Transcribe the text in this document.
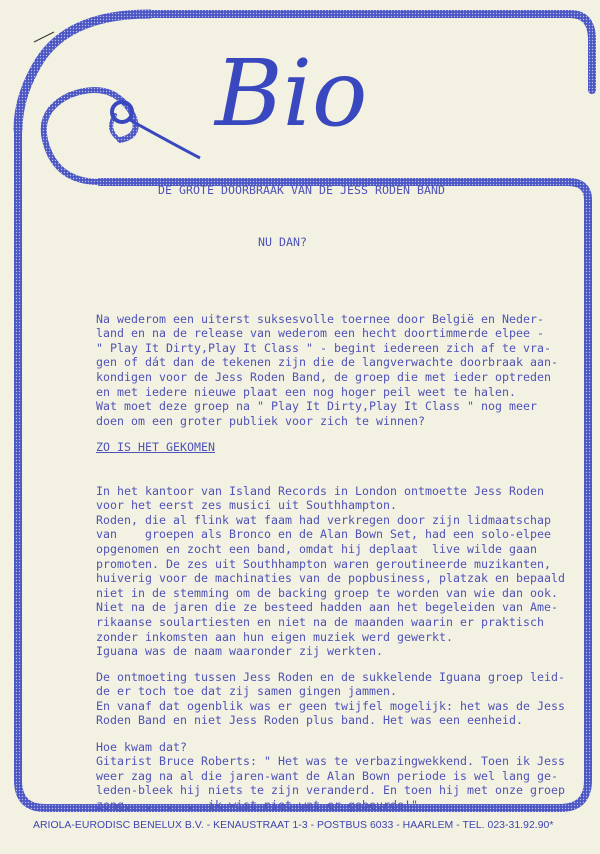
Bio
DE GROTE DOORBRAAK VAN DE JESS RODEN BAND
NU DAN?

Na wederom een uiterst suksesvolle toernee door België en Neder-
land en na de release van wederom een hecht doortimmerde elpee -
" Play It Dirty,Play It Class " - begint iedereen zich af te vra-
gen of dát dan de tekenen zijn die de langverwachte doorbraak aan-
kondigen voor de Jess Roden Band, de groep die met ieder optreden
en met iedere nieuwe plaat een nog hoger peil weet te halen.
Wat moet deze groep na " Play It Dirty,Play It Class " nog meer
doen om een groter publiek voor zich te winnen?

ZO IS HET GEKOMEN

In het kantoor van Island Records in London ontmoette Jess Roden
voor het eerst zes musici uit Southhampton.
Roden, die al flink wat faam had verkregen door zijn lidmaatschap
van    groepen als Bronco en de Alan Bown Set, had een solo-elpee
opgenomen en zocht een band, omdat hij deplaat  live wilde gaan
promoten. De zes uit Southhampton waren geroutineerde muzikanten,
huiverig voor de machinaties van de popbusiness, platzak en bepaald
niet in de stemming om de backing groep te worden van wie dan ook.
Niet na de jaren die ze besteed hadden aan het begeleiden van Ame-
rikaanse soulartiesten en niet na de maanden waarin er praktisch
zonder inkomsten aan hun eigen muziek werd gewerkt.
Iguana was de naam waaronder zij werkten.

De ontmoeting tussen Jess Roden en de sukkelende Iguana groep leid-
de er toch toe dat zij samen gingen jammen.
En vanaf dat ogenblik was er geen twijfel mogelijk: het was de Jess
Roden Band en niet Jess Roden plus band. Het was een eenheid.

Hoe kwam dat?
Gitarist Bruce Roberts: " Het was te verbazingwekkend. Toen ik Jess
weer zag na al die jaren-want de Alan Bown periode is wel lang ge-
leden-bleek hij niets te zijn veranderd. En toen hij met onze groep
zong............ik wist niet wat er gebeurde!"

ARIOLA-EURODISC BENELUX B.V. - KENAUSTRAAT 1-3 - POSTBUS 6033 - HAARLEM - TEL. 023-31.92.90*
